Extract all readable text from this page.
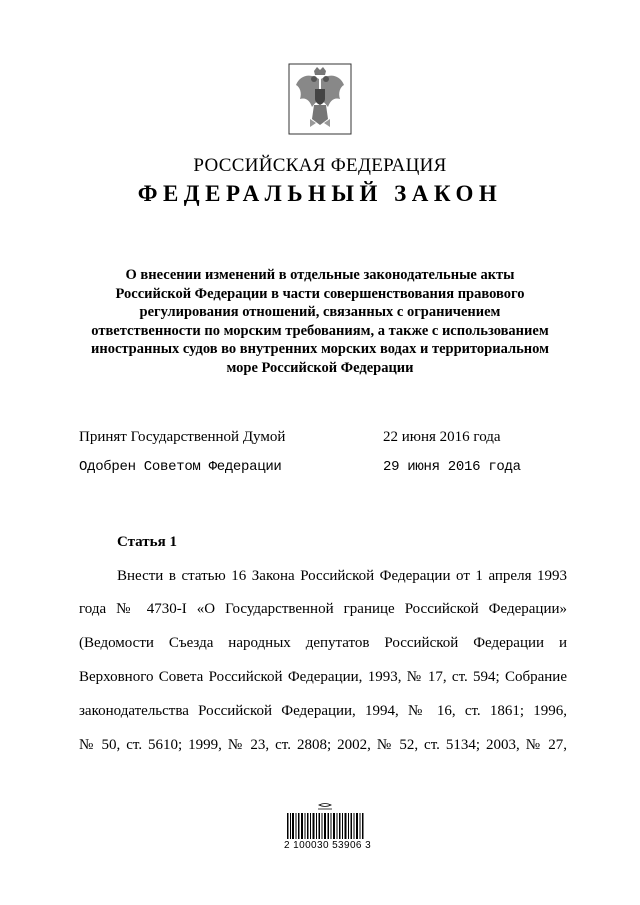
РОССИЙСКАЯ ФЕДЕРАЦИЯ
ФЕДЕРАЛЬНЫЙ ЗАКОН
О внесении изменений в отдельные законодательные акты
Российской Федерации в части совершенствования правового
регулирования отношений, связанных с ограничением
ответственности по морским требованиям, а также с использованием
иностранных судов во внутренних морских водах и территориальном
море Российской Федерации
Принят Государственной Думой	22 июня 2016 года
Одобрен Советом Федерации	29 июня 2016 года
Статья 1
Внести в статью 16 Закона Российской Федерации от 1 апреля 1993
года № 4730-I «О Государственной границе Российской Федерации»
(Ведомости Съезда народных депутатов Российской Федерации и
Верховного Совета Российской Федерации, 1993, № 17, ст. 594; Собрание
законодательства Российской Федерации, 1994, № 16, ст. 1861; 1996,
№ 50, ст. 5610; 1999, № 23, ст. 2808; 2002, № 52, ст. 5134; 2003, № 27,
2 100030 53906 3
